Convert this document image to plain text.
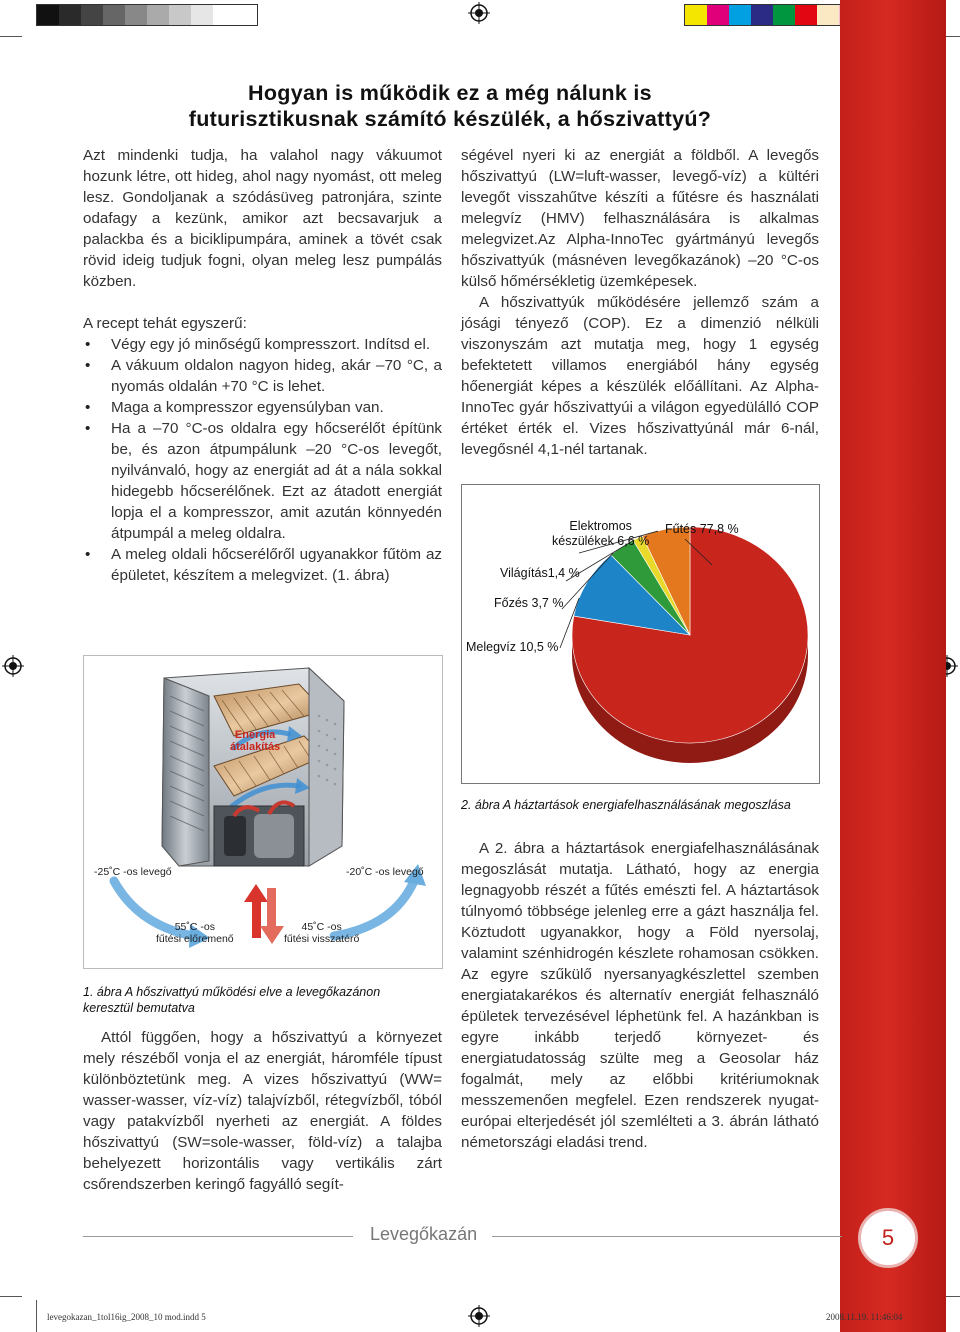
Hogyan is működik ez a még nálunk is
futurisztikusnak számító készülék, a hőszivattyú?

Azt mindenki tudja, ha valahol nagy vákuumot hozunk létre, ott hideg, ahol nagy nyomást, ott meleg lesz. Gondoljanak a szódásüveg patronjára, szinte odafagy a kezünk, amikor azt becsavarjuk a palackba és a biciklipumpára, aminek a tövét csak rövid ideig tudjuk fogni, olyan meleg lesz pumpálás közben.

A recept tehát egyszerű:

• Végy egy jó minőségű kompresszort. Indítsd el.
• A vákuum oldalon nagyon hideg, akár –70 °C, a nyomás oldalán +70 °C is lehet.
• Maga a kompresszor egyensúlyban van.
• Ha a –70 °C-os oldalra egy hőcserélőt építünk be, és azon átpumpálunk –20 °C-os levegőt, nyilvánvaló, hogy az energiát ad át a nála sokkal hidegebb hőcserélőnek. Ezt az átadott energiát lopja el a kompresszor, amit azután könnyedén átpumpál a meleg oldalra.
• A meleg oldali hőcserélőről ugyanakkor fűtöm az épületet, készítem a melegvizet. (1. ábra)
Energia
átalakítás
-25˚C -os levegő	-20˚C -os levegő
55˚C -os
fűtési előremenő
45˚C -os
fűtési visszatérő
1. ábra A hőszivattyú működési elve a levegőkazánon
keresztül bemutatva

Attól függően, hogy a hőszivattyú a környezet mely részéből vonja el az energiát, háromféle típust különböztetünk meg. A vizes hőszivattyú (WW= wasser-wasser, víz-víz) talajvízből, rétegvízből, tóból vagy patakvízből nyerheti az energiát. A földes hőszivattyú (SW=sole-wasser, föld-víz) a talajba behelyezett horizontális vagy vertikális zárt csőrendszerben keringő fagyálló segít-

ségével nyeri ki az energiát a földből. A levegős hőszivattyú (LW=luft-wasser, levegő-víz) a kültéri levegőt visszahűtve készíti a fűtésre és használati melegvíz (HMV) felhasználására is alkalmas melegvizet.Az Alpha-InnoTec gyártmányú levegős hőszivattyúk (másnéven levegőkazánok) –20 °C-os külső hőmérsékletig üzemképesek.

A hőszivattyúk működésére jellemző szám a jósági tényező (COP). Ez a dimenzió nélküli viszonyszám azt mutatja meg, hogy 1 egység befektetett villamos energiából hány egység hőenergiát képes a készülék előállítani. Az Alpha-InnoTec gyár hőszivattyúi a világon egyedülálló COP értéket érték el. Vizes hőszivattyúnál már 6-nál, levegősnél 4,1-nél tartanak.

Elektromos
készülékek 6,6 %
Fűtés 77,8 %
Világítás1,4 %
Főzés 3,7 %
Melegvíz 10,5 %
2. ábra A háztartások energiafelhasználásának megoszlása

A 2. ábra a háztartások energiafelhasználásának megoszlását mutatja. Látható, hogy az energia legnagyobb részét a fűtés emészti fel. A háztartások túlnyomó többsége jelenleg erre a gázt használja fel. Köztudott ugyanakkor, hogy a Föld nyersolaj, valamint szénhidrogén készlete rohamosan csökken. Az egyre szűkülő nyersanyagkészlettel szemben energiatakarékos és alternatív energiát felhasználó épületek tervezésével léphetünk fel. A hazánkban is egyre inkább terjedő környezet- és energiatudatosság szülte meg a Geosolar ház fogalmát, mely az előbbi kritériumoknak messzemenően megfelel. Ezen rendszerek nyugat-európai elterjedését jól szemlélteti a 3. ábrán látható németországi eladási trend.

Levegőkazán	5
levegokazan_1tol16ig_2008_10 mod.indd 5	2008.11.19. 11:46:04
